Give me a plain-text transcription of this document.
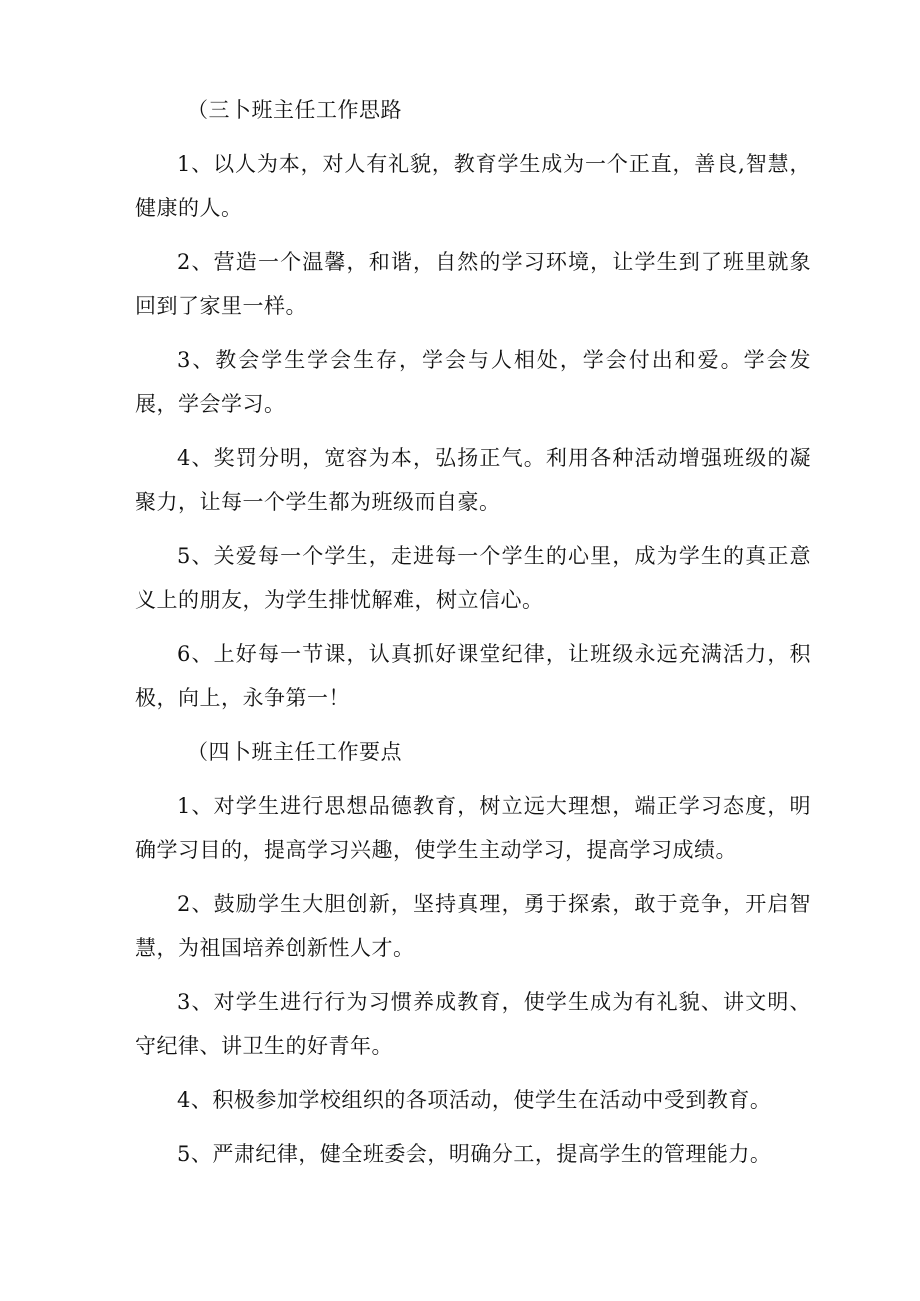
（三卜班主任工作思路

1、以人为本，对人有礼貌，教育学生成为一个正直，善良,智慧，健康的人。

2、营造一个温馨，和谐，自然的学习环境，让学生到了班里就象回到了家里一样。

3、教会学生学会生存，学会与人相处，学会付出和爱。学会发展，学会学习。

4、奖罚分明，宽容为本，弘扬正气。利用各种活动增强班级的凝聚力，让每一个学生都为班级而自豪。

5、关爱每一个学生，走进每一个学生的心里，成为学生的真正意义上的朋友，为学生排忧解难，树立信心。

6、上好每一节课，认真抓好课堂纪律，让班级永远充满活力，积极，向上，永争第一！

（四卜班主任工作要点

1、对学生进行思想品德教育，树立远大理想，端正学习态度，明确学习目的，提高学习兴趣，使学生主动学习，提高学习成绩。

2、鼓励学生大胆创新，坚持真理，勇于探索，敢于竞争，开启智慧，为祖国培养创新性人才。

3、对学生进行行为习惯养成教育，使学生成为有礼貌、讲文明、守纪律、讲卫生的好青年。

4、积极参加学校组织的各项活动，使学生在活动中受到教育。

5、严肃纪律，健全班委会，明确分工，提高学生的管理能力。
